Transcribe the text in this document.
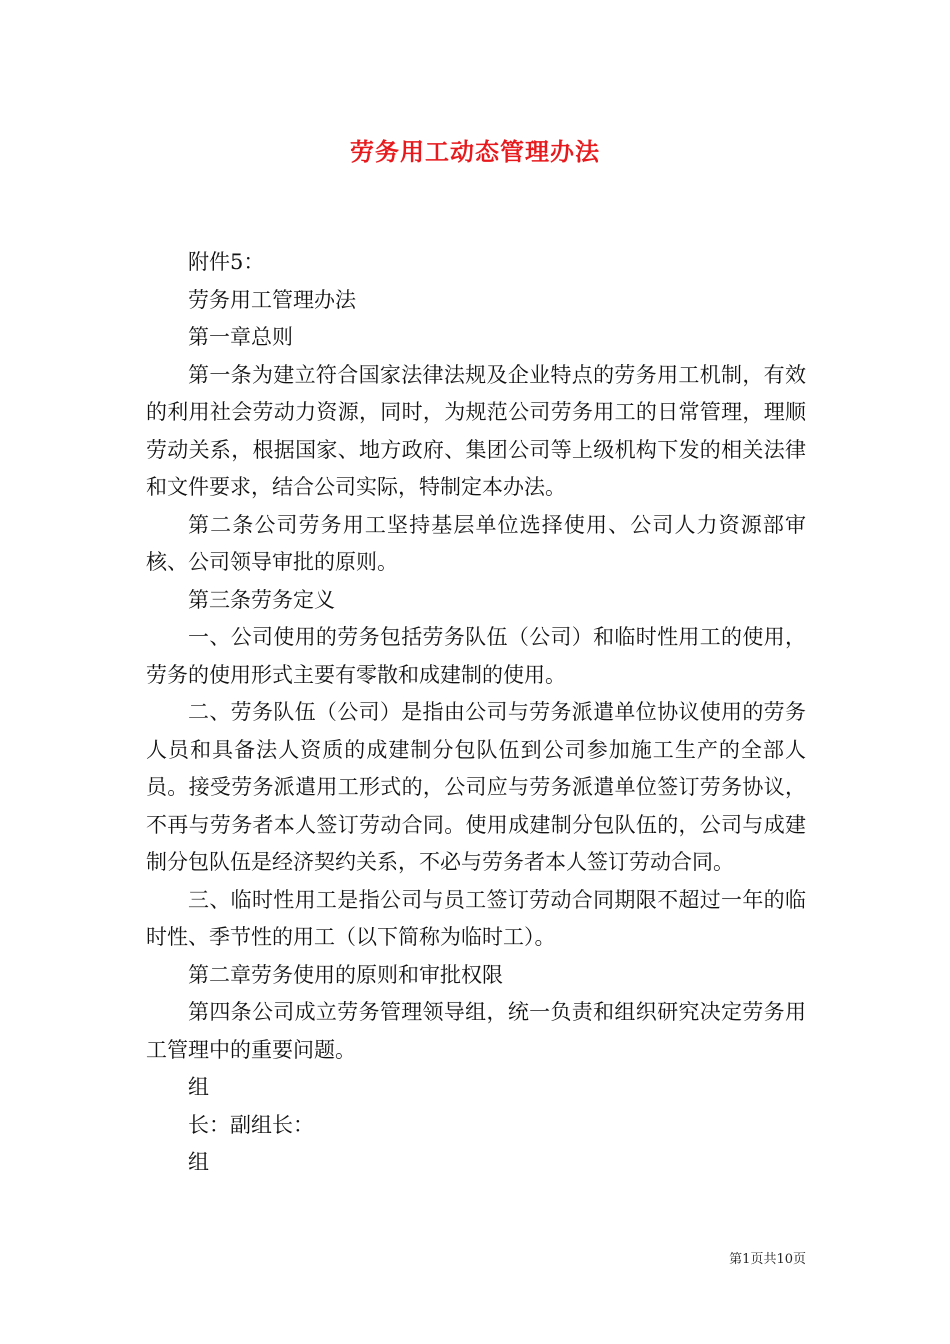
劳务用工动态管理办法

附件5：

劳务用工管理办法

第一章总则

第一条为建立符合国家法律法规及企业特点的劳务用工机制，有效的利用社会劳动力资源，同时，为规范公司劳务用工的日常管理，理顺劳动关系，根据国家、地方政府、集团公司等上级机构下发的相关法律和文件要求，结合公司实际，特制定本办法。

第二条公司劳务用工坚持基层单位选择使用、公司人力资源部审核、公司领导审批的原则。

第三条劳务定义

一、公司使用的劳务包括劳务队伍（公司）和临时性用工的使用，劳务的使用形式主要有零散和成建制的使用。

二、劳务队伍（公司）是指由公司与劳务派遣单位协议使用的劳务人员和具备法人资质的成建制分包队伍到公司参加施工生产的全部人员。接受劳务派遣用工形式的，公司应与劳务派遣单位签订劳务协议，不再与劳务者本人签订劳动合同。使用成建制分包队伍的，公司与成建制分包队伍是经济契约关系，不必与劳务者本人签订劳动合同。

三、临时性用工是指公司与员工签订劳动合同期限不超过一年的临时性、季节性的用工（以下简称为临时工）。

第二章劳务使用的原则和审批权限

第四条公司成立劳务管理领导组，统一负责和组织研究决定劳务用工管理中的重要问题。

组

长：副组长：

组

第1页共10页
